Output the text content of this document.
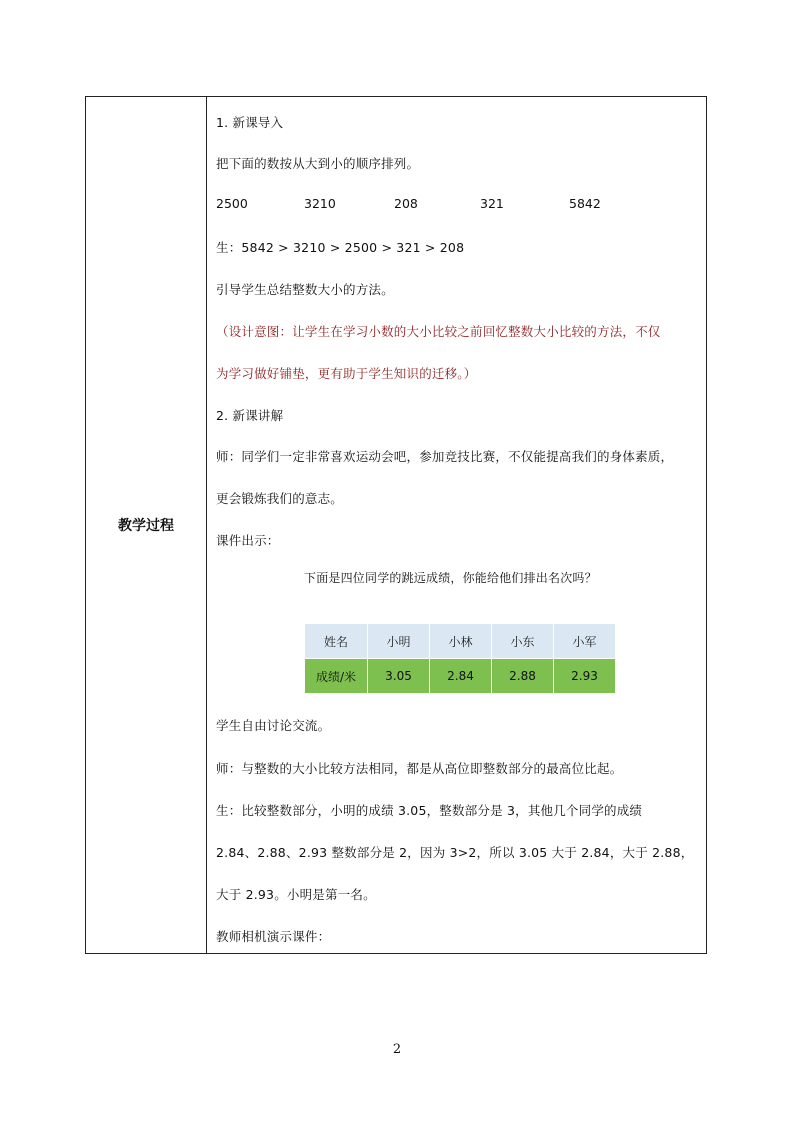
教学过程
1. 新课导入
把下面的数按从大到小的顺序排列。
2500	3210	208	321	5842
生：5842 > 3210 > 2500 > 321 > 208
引导学生总结整数大小的方法。
（设计意图：让学生在学习小数的大小比较之前回忆整数大小比较的方法，不仅
为学习做好铺垫，更有助于学生知识的迁移。）
2. 新课讲解
师：同学们一定非常喜欢运动会吧，参加竞技比赛，不仅能提高我们的身体素质，
更会锻炼我们的意志。
课件出示：
下面是四位同学的跳远成绩，你能给他们排出名次吗？
姓名	小明	小林	小东	小军
成绩/米	3.05	2.84	2.88	2.93
学生自由讨论交流。
师：与整数的大小比较方法相同，都是从高位即整数部分的最高位比起。
生：比较整数部分，小明的成绩 3.05，整数部分是 3，其他几个同学的成绩
2.84、2.88、2.93 整数部分是 2，因为 3>2，所以 3.05 大于 2.84，大于 2.88，
大于 2.93。小明是第一名。
教师相机演示课件：
2
